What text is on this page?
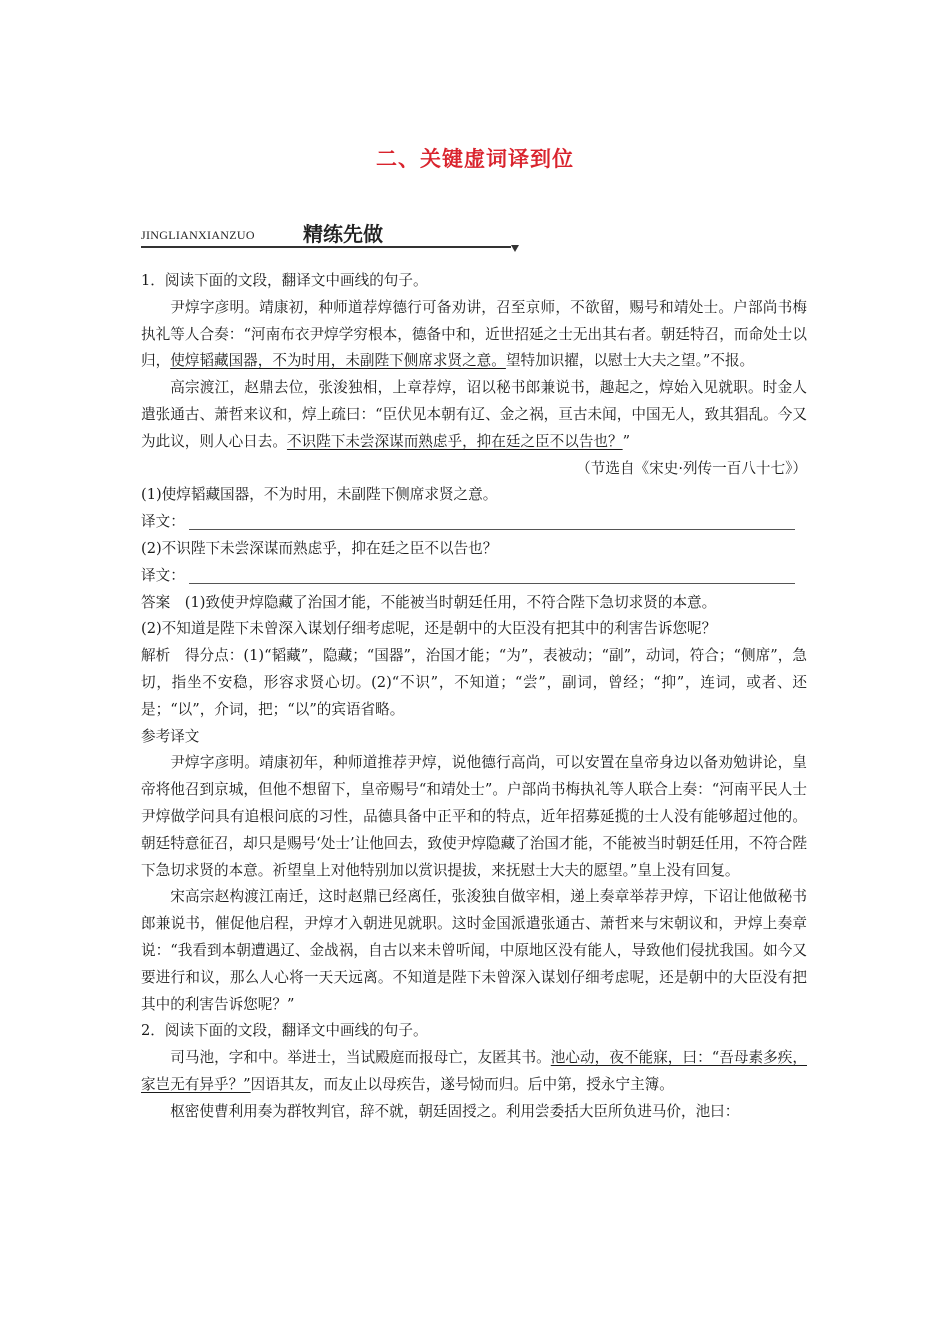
二、关键虚词译到位
JINGLIANXIANZUO 精练先做

1．阅读下面的文段，翻译文中画线的句子。

尹焞字彦明。靖康初，种师道荐焞德行可备劝讲，召至京师，不欲留，赐号和靖处士。户部尚书梅执礼等人合奏：“河南布衣尹焞学穷根本，德备中和，近世招延之士无出其右者。朝廷特召，而命处士以归，使焞韬藏国器，不为时用，未副陛下侧席求贤之意。望特加识擢，以慰士大夫之望。”不报。

高宗渡江，赵鼎去位，张浚独相，上章荐焞，诏以秘书郎兼说书，趣起之，焞始入见就职。时金人遣张通古、萧哲来议和，焞上疏曰：“臣伏见本朝有辽、金之祸，亘古未闻，中国无人，致其猖乱。今又为此议，则人心日去。不识陛下未尝深谋而熟虑乎，抑在廷之臣不以告也？”

（节选自《宋史·列传一百八十七》）

(1)使焞韬藏国器，不为时用，未副陛下侧席求贤之意。

译文：

(2)不识陛下未尝深谋而熟虑乎，抑在廷之臣不以告也？

译文：

答案　(1)致使尹焞隐藏了治国才能，不能被当时朝廷任用，不符合陛下急切求贤的本意。

(2)不知道是陛下未曾深入谋划仔细考虑呢，还是朝中的大臣没有把其中的利害告诉您呢？

解析　得分点：(1)“韬藏”，隐藏；“国器”，治国才能；“为”，表被动；“副”，动词，符合；“侧席”，急切，指坐不安稳，形容求贤心切。(2)“不识”，不知道；“尝”，副词，曾经；“抑”，连词，或者、还是；“以”，介词，把；“以”的宾语省略。

参考译文

尹焞字彦明。靖康初年，种师道推荐尹焞，说他德行高尚，可以安置在皇帝身边以备劝勉讲论，皇帝将他召到京城，但他不想留下，皇帝赐号“和靖处士”。户部尚书梅执礼等人联合上奏：“河南平民人士尹焞做学问具有追根问底的习性，品德具备中正平和的特点，近年招募延揽的士人没有能够超过他的。朝廷特意征召，却只是赐号‘处士’让他回去，致使尹焞隐藏了治国才能，不能被当时朝廷任用，不符合陛下急切求贤的本意。祈望皇上对他特别加以赏识提拔，来抚慰士大夫的愿望。”皇上没有回复。

宋高宗赵构渡江南迁，这时赵鼎已经离任，张浚独自做宰相，递上奏章举荐尹焞，下诏让他做秘书郎兼说书，催促他启程，尹焞才入朝进见就职。这时金国派遣张通古、萧哲来与宋朝议和，尹焞上奏章说：“我看到本朝遭遇辽、金战祸，自古以来未曾听闻，中原地区没有能人，导致他们侵扰我国。如今又要进行和议，那么人心将一天天远离。不知道是陛下未曾深入谋划仔细考虑呢，还是朝中的大臣没有把其中的利害告诉您呢？”

2．阅读下面的文段，翻译文中画线的句子。

司马池，字和中。举进士，当试殿庭而报母亡，友匿其书。池心动，夜不能寐，曰：“吾母素多疾，家岂无有异乎？”因语其友，而友止以母疾告，遂号恸而归。后中第，授永宁主簿。

枢密使曹利用奏为群牧判官，辞不就，朝廷固授之。利用尝委括大臣所负进马价，池曰：
